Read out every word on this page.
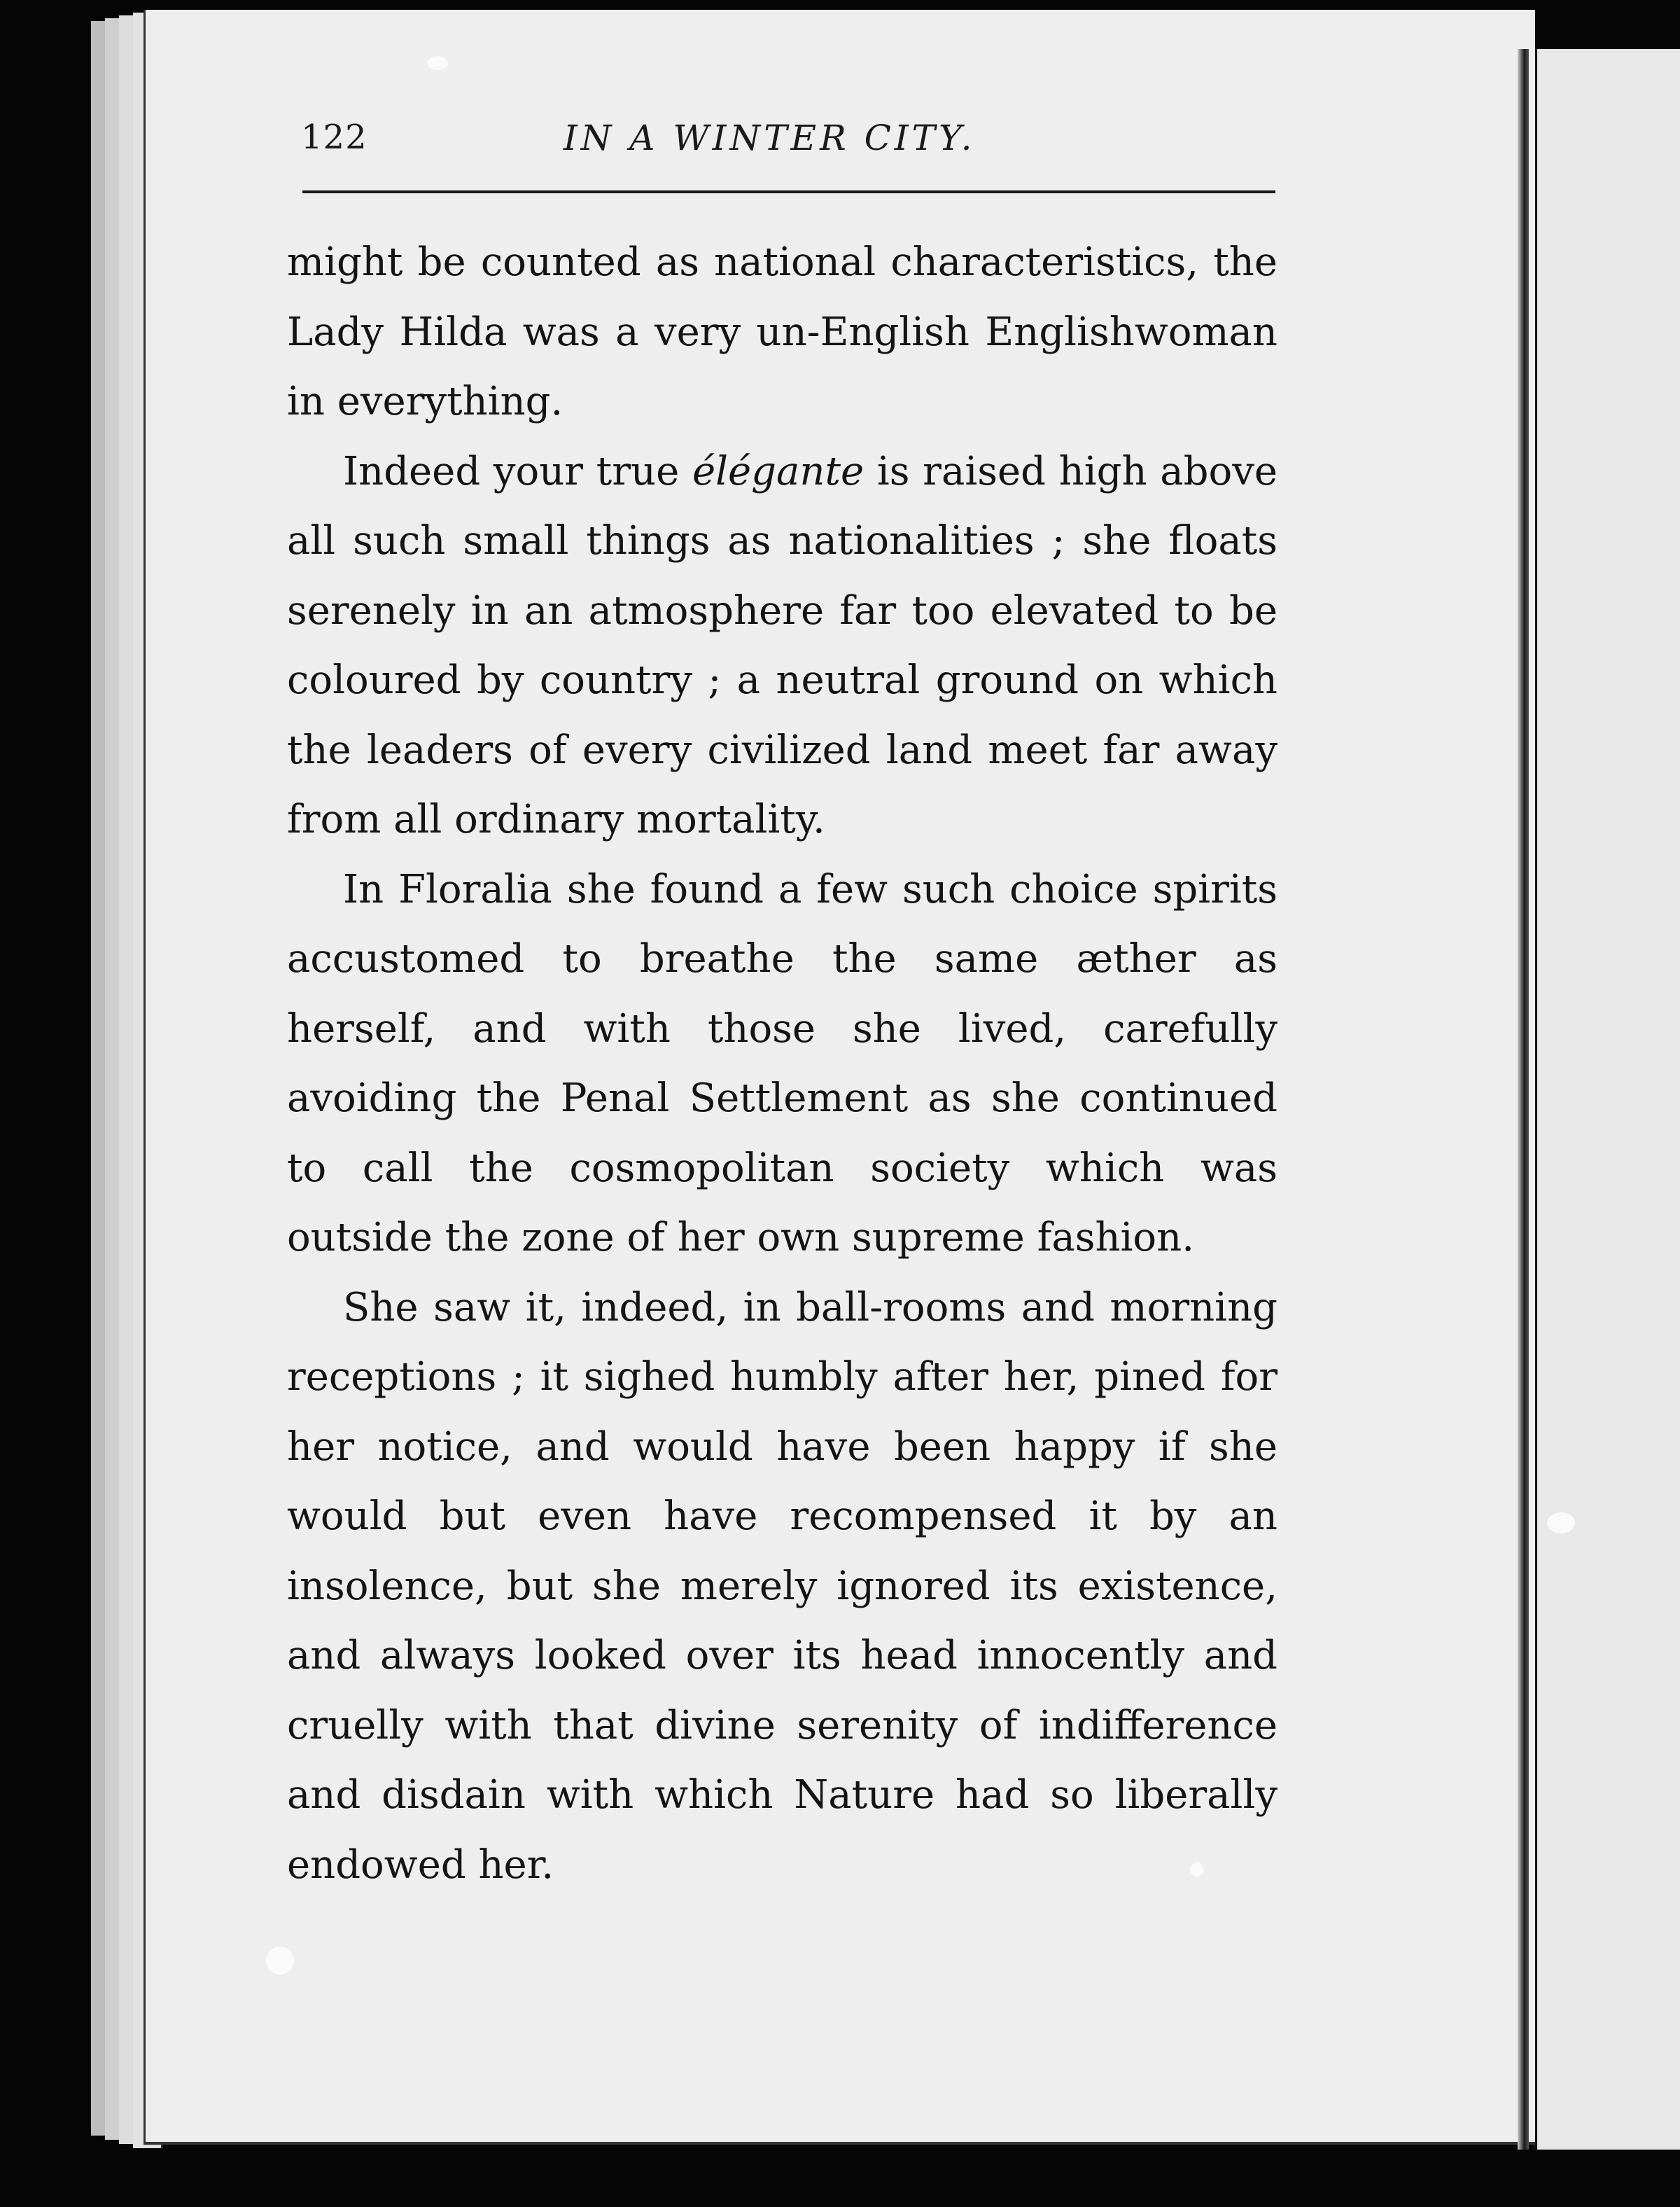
122	IN A WINTER CITY.

might be counted as national characteristics, the Lady Hilda was a very un-English Englishwoman in everything.

Indeed your true élégante is raised high above all such small things as nationalities ; she floats serenely in an atmosphere far too elevated to be coloured by country ; a neutral ground on which the leaders of every civilized land meet far away from all ordinary mortality.

In Floralia she found a few such choice spirits accustomed to breathe the same æther as herself, and with those she lived, carefully avoiding the Penal Settlement as she continued to call the cosmopolitan society which was outside the zone of her own supreme fashion.

She saw it, indeed, in ball-rooms and morning receptions ; it sighed humbly after her, pined for her notice, and would have been happy if she would but even have recompensed it by an insolence, but she merely ignored its existence, and always looked over its head innocently and cruelly with that divine serenity of indifference and disdain with which Nature had so liberally endowed her.
